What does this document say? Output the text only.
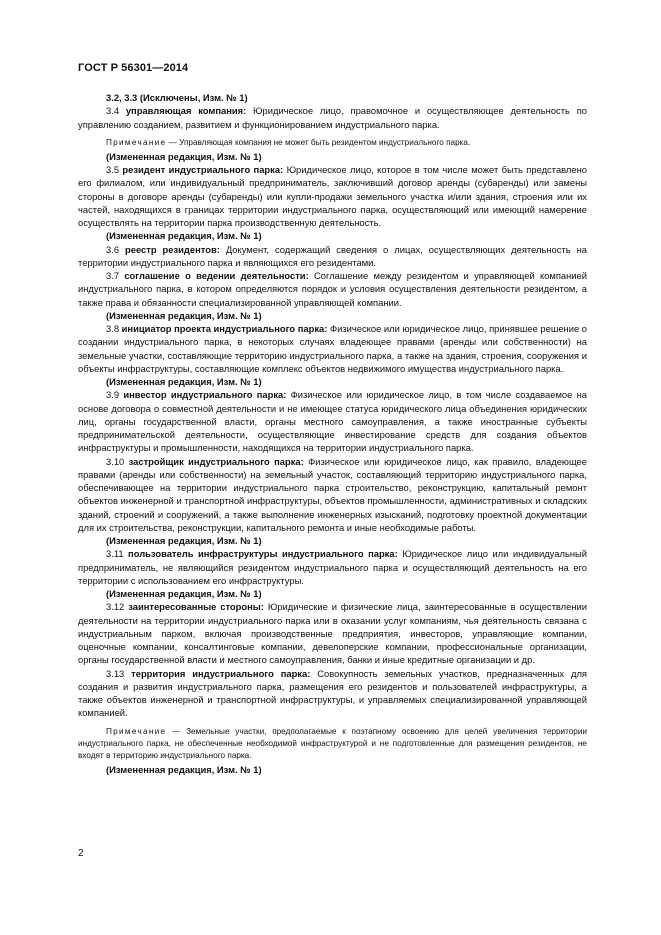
ГОСТ Р 56301—2014

3.2, 3.3 (Исключены, Изм. № 1)

3.4 управляющая компания: Юридическое лицо, правомочное и осуществляющее деятельность по управлению созданием, развитием и функционированием индустриального парка.

Примечание — Управляющая компания не может быть резидентом индустриального парка.

(Измененная редакция, Изм. № 1)

3.5 резидент индустриального парка: Юридическое лицо, которое в том числе может быть представлено его филиалом, или индивидуальный предприниматель, заключивший договор аренды (субаренды) или замены стороны в договоре аренды (субаренды) или купли-продажи земельного участка и/или здания, строения или их частей, находящихся в границах территории индустриального парка, осуществляющий или имеющий намерение осуществлять на территории парка производственную деятельность.

(Измененная редакция, Изм. № 1)

3.6 реестр резидентов: Документ, содержащий сведения о лицах, осуществляющих деятельность на территории индустриального парка и являющихся его резидентами.

3.7 соглашение о ведении деятельности: Соглашение между резидентом и управляющей компанией индустриального парка, в котором определяются порядок и условия осуществления деятельности резидентом, а также права и обязанности специализированной управляющей компании.

(Измененная редакция, Изм. № 1)

3.8 инициатор проекта индустриального парка: Физическое или юридическое лицо, принявшее решение о создании индустриального парка, в некоторых случаях владеющее правами (аренды или собственности) на земельные участки, составляющие территорию индустриального парка, а также на здания, строения, сооружения и объекты инфраструктуры, составляющие комплекс объектов недвижимого имущества индустриального парка.

(Измененная редакция, Изм. № 1)

3.9 инвестор индустриального парка: Физическое или юридическое лицо, в том числе создаваемое на основе договора о совместной деятельности и не имеющее статуса юридического лица объединения юридических лиц, органы государственной власти, органы местного самоуправления, а также иностранные субъекты предпринимательской деятельности, осуществляющие инвестирование средств для создания объектов инфраструктуры и промышленности, находящихся на территории индустриального парка.

3.10 застройщик индустриального парка: Физическое или юридическое лицо, как правило, владеющее правами (аренды или собственности) на земельный участок, составляющий территорию индустриального парка, обеспечивающее на территории индустриального парка строительство, реконструкцию, капитальный ремонт объектов инженерной и транспортной инфраструктуры, объектов промышленности, административных и складских зданий, строений и сооружений, а также выполнение инженерных изысканий, подготовку проектной документации для их строительства, реконструкции, капитального ремонта и иные необходимые работы.

(Измененная редакция, Изм. № 1)

3.11 пользователь инфраструктуры индустриального парка: Юридическое лицо или индивидуальный предприниматель, не являющийся резидентом индустриального парка и осуществляющий деятельность на его территории с использованием его инфраструктуры.

(Измененная редакция, Изм. № 1)

3.12 заинтересованные стороны: Юридические и физические лица, заинтересованные в осуществлении деятельности на территории индустриального парка или в оказании услуг компаниям, чья деятельность связана с индустриальным парком, включая производственные предприятия, инвесторов, управляющие компании, оценочные компании, консалтинговые компании, девелоперские компании, профессиональные организации, органы государственной власти и местного самоуправления, банки и иные кредитные организации и др.

3.13 территория индустриального парка: Совокупность земельных участков, предназначенных для создания и развития индустриального парка, размещения его резидентов и пользователей инфраструктуры, а также объектов инженерной и транспортной инфраструктуры, и управляемых специализированной управляющей компанией.

Примечание — Земельные участки, предполагаемые к поэтапному освоению для целей увеличения территории индустриального парка, не обеспеченные необходимой инфраструктурой и не подготовленные для размещения резидентов, не входят в территорию индустриального парка.

(Измененная редакция, Изм. № 1)

2
